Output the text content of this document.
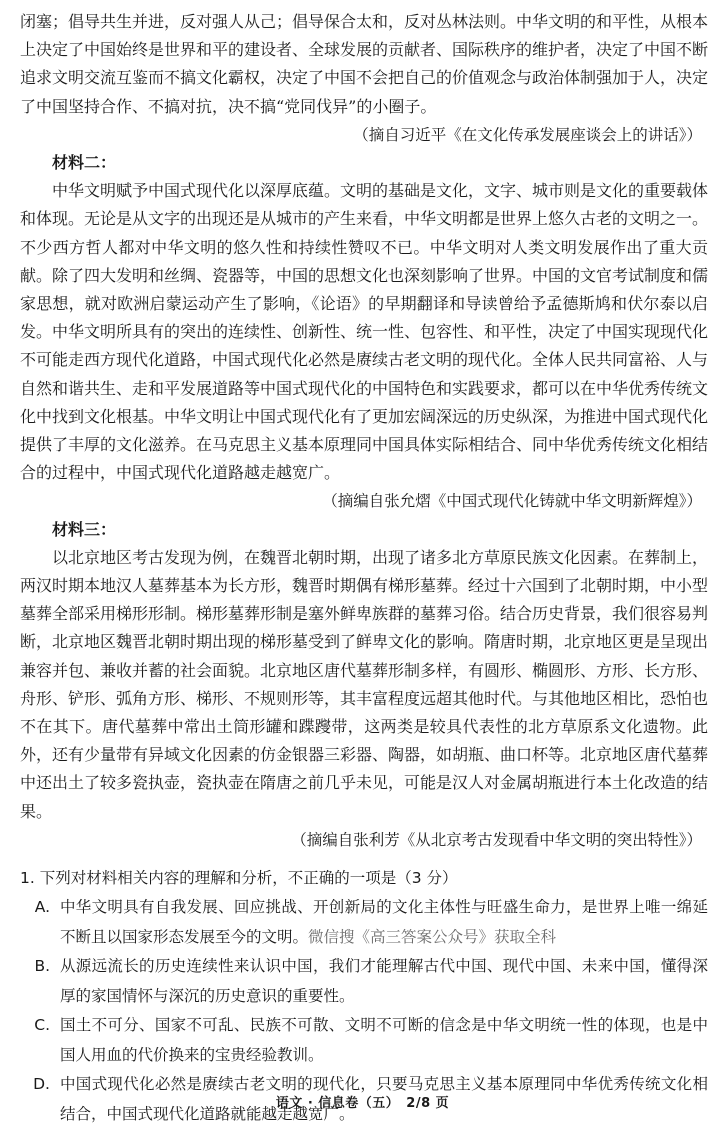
闭塞；倡导共生并进，反对强人从己；倡导保合太和，反对丛林法则。中华文明的和平性，从根本上决定了中国始终是世界和平的建设者、全球发展的贡献者、国际秩序的维护者，决定了中国不断追求文明交流互鉴而不搞文化霸权，决定了中国不会把自己的价值观念与政治体制强加于人，决定了中国坚持合作、不搞对抗，决不搞“党同伐异”的小圈子。

（摘自习近平《在文化传承发展座谈会上的讲话》）

材料二：

中华文明赋予中国式现代化以深厚底蕴。文明的基础是文化，文字、城市则是文化的重要载体和体现。无论是从文字的出现还是从城市的产生来看，中华文明都是世界上悠久古老的文明之一。不少西方哲人都对中华文明的悠久性和持续性赞叹不已。中华文明对人类文明发展作出了重大贡献。除了四大发明和丝绸、瓷器等，中国的思想文化也深刻影响了世界。中国的文官考试制度和儒家思想，就对欧洲启蒙运动产生了影响，《论语》的早期翻译和导读曾给予孟德斯鸠和伏尔泰以启发。中华文明所具有的突出的连续性、创新性、统一性、包容性、和平性，决定了中国实现现代化不可能走西方现代化道路，中国式现代化必然是赓续古老文明的现代化。全体人民共同富裕、人与自然和谐共生、走和平发展道路等中国式现代化的中国特色和实践要求，都可以在中华优秀传统文化中找到文化根基。中华文明让中国式现代化有了更加宏阔深远的历史纵深，为推进中国式现代化提供了丰厚的文化滋养。在马克思主义基本原理同中国具体实际相结合、同中华优秀传统文化相结合的过程中，中国式现代化道路越走越宽广。

（摘编自张允熠《中国式现代化铸就中华文明新辉煌》）

材料三：

以北京地区考古发现为例，在魏晋北朝时期，出现了诸多北方草原民族文化因素。在葬制上，两汉时期本地汉人墓葬基本为长方形，魏晋时期偶有梯形墓葬。经过十六国到了北朝时期，中小型墓葬全部采用梯形形制。梯形墓葬形制是塞外鲜卑族群的墓葬习俗。结合历史背景，我们很容易判断，北京地区魏晋北朝时期出现的梯形墓受到了鲜卑文化的影响。隋唐时期，北京地区更是呈现出兼容并包、兼收并蓄的社会面貌。北京地区唐代墓葬形制多样，有圆形、椭圆形、方形、长方形、舟形、铲形、弧角方形、梯形、不规则形等，其丰富程度远超其他时代。与其他地区相比，恐怕也不在其下。唐代墓葬中常出土筒形罐和蹀躞带，这两类是较具代表性的北方草原系文化遗物。此外，还有少量带有异域文化因素的仿金银器三彩器、陶器，如胡瓶、曲口杯等。北京地区唐代墓葬中还出土了较多瓷执壶，瓷执壶在隋唐之前几乎未见，可能是汉人对金属胡瓶进行本土化改造的结果。

（摘编自张利芳《从北京考古发现看中华文明的突出特性》）

1. 下列对材料相关内容的理解和分析，不正确的一项是（3 分）

A. 中华文明具有自我发展、回应挑战、开创新局的文化主体性与旺盛生命力，是世界上唯一绵延不断且以国家形态发展至今的文明。微信搜《高三答案公众号》获取全科
B. 从源远流长的历史连续性来认识中国，我们才能理解古代中国、现代中国、未来中国，懂得深厚的家国情怀与深沉的历史意识的重要性。
C. 国土不可分、国家不可乱、民族不可散、文明不可断的信念是中华文明统一性的体现，也是中国人用血的代价换来的宝贵经验教训。
D. 中国式现代化必然是赓续古老文明的现代化，只要马克思主义基本原理同中华优秀传统文化相结合，中国式现代化道路就能越走越宽广。
语文 · 信息卷（五）　2/8 页
